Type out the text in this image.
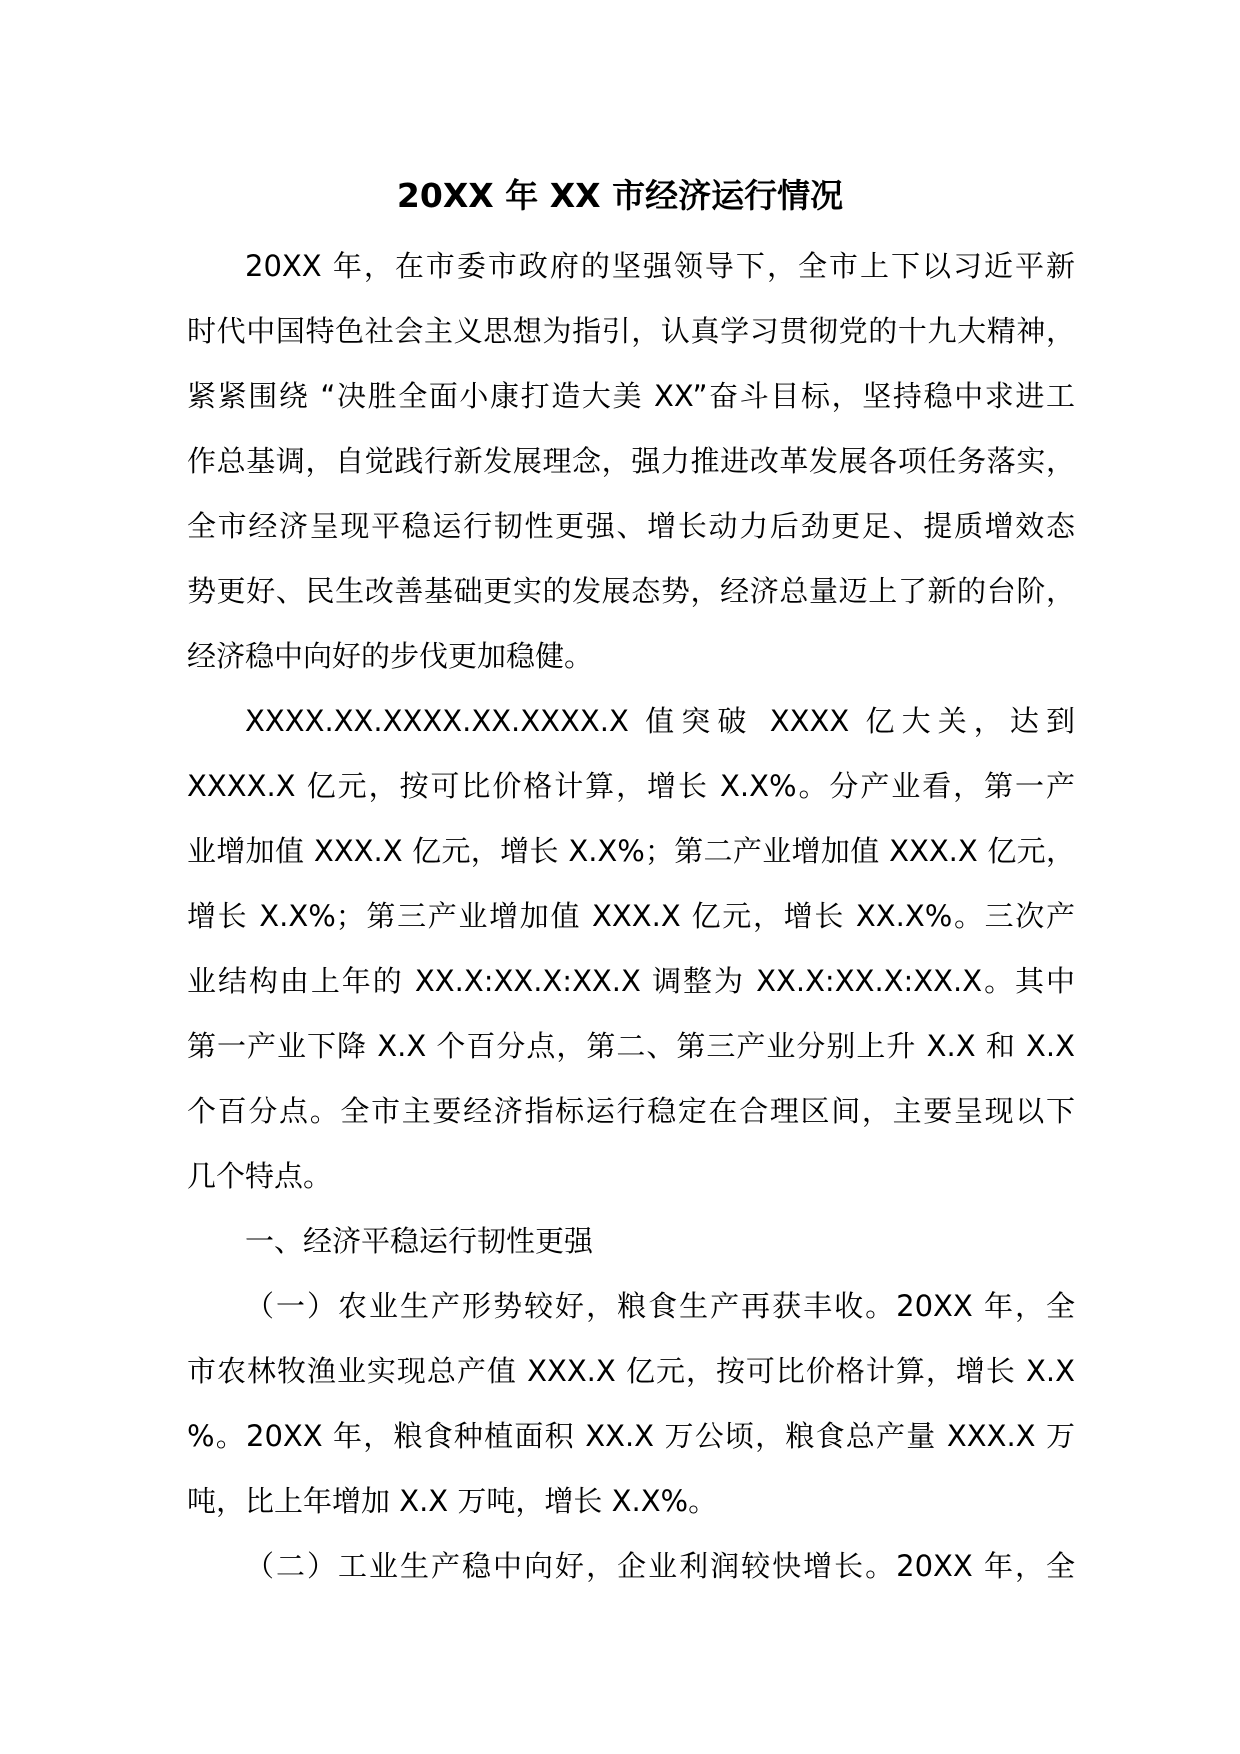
20XX 年 XX 市经济运行情况
20XX 年，在市委市政府的坚强领导下，全市上下以习近平新
时代中国特色社会主义思想为指引，认真学习贯彻党的十九大精神，
紧紧围绕 “决胜全面小康打造大美 XX”奋斗目标，坚持稳中求进工
作总基调，自觉践行新发展理念，强力推进改革发展各项任务落实，
全市经济呈现平稳运行韧性更强、增长动力后劲更足、提质增效态
势更好、民生改善基础更实的发展态势，经济总量迈上了新的台阶，
经济稳中向好的步伐更加稳健。
XXXX.XX.XXXX.XX.XXXX.X 值突破 XXXX 亿大关，达到
XXXX.X 亿元，按可比价格计算，增长 X.X%。分产业看，第一产
业增加值 XXX.X 亿元，增长 X.X%；第二产业增加值 XXX.X 亿元，
增长 X.X%；第三产业增加值 XXX.X 亿元，增长 XX.X%。三次产
业结构由上年的 XX.X:XX.X:XX.X 调整为 XX.X:XX.X:XX.X。其中
第一产业下降 X.X 个百分点，第二、第三产业分别上升 X.X 和 X.X
个百分点。全市主要经济指标运行稳定在合理区间，主要呈现以下
几个特点。
一、经济平稳运行韧性更强
（一）农业生产形势较好，粮食生产再获丰收。20XX 年，全
市农林牧渔业实现总产值 XXX.X 亿元，按可比价格计算，增长 X.X
%。20XX 年，粮食种植面积 XX.X 万公顷，粮食总产量 XXX.X 万
吨，比上年增加 X.X 万吨，增长 X.X%。
（二）工业生产稳中向好，企业利润较快增长。20XX 年，全
